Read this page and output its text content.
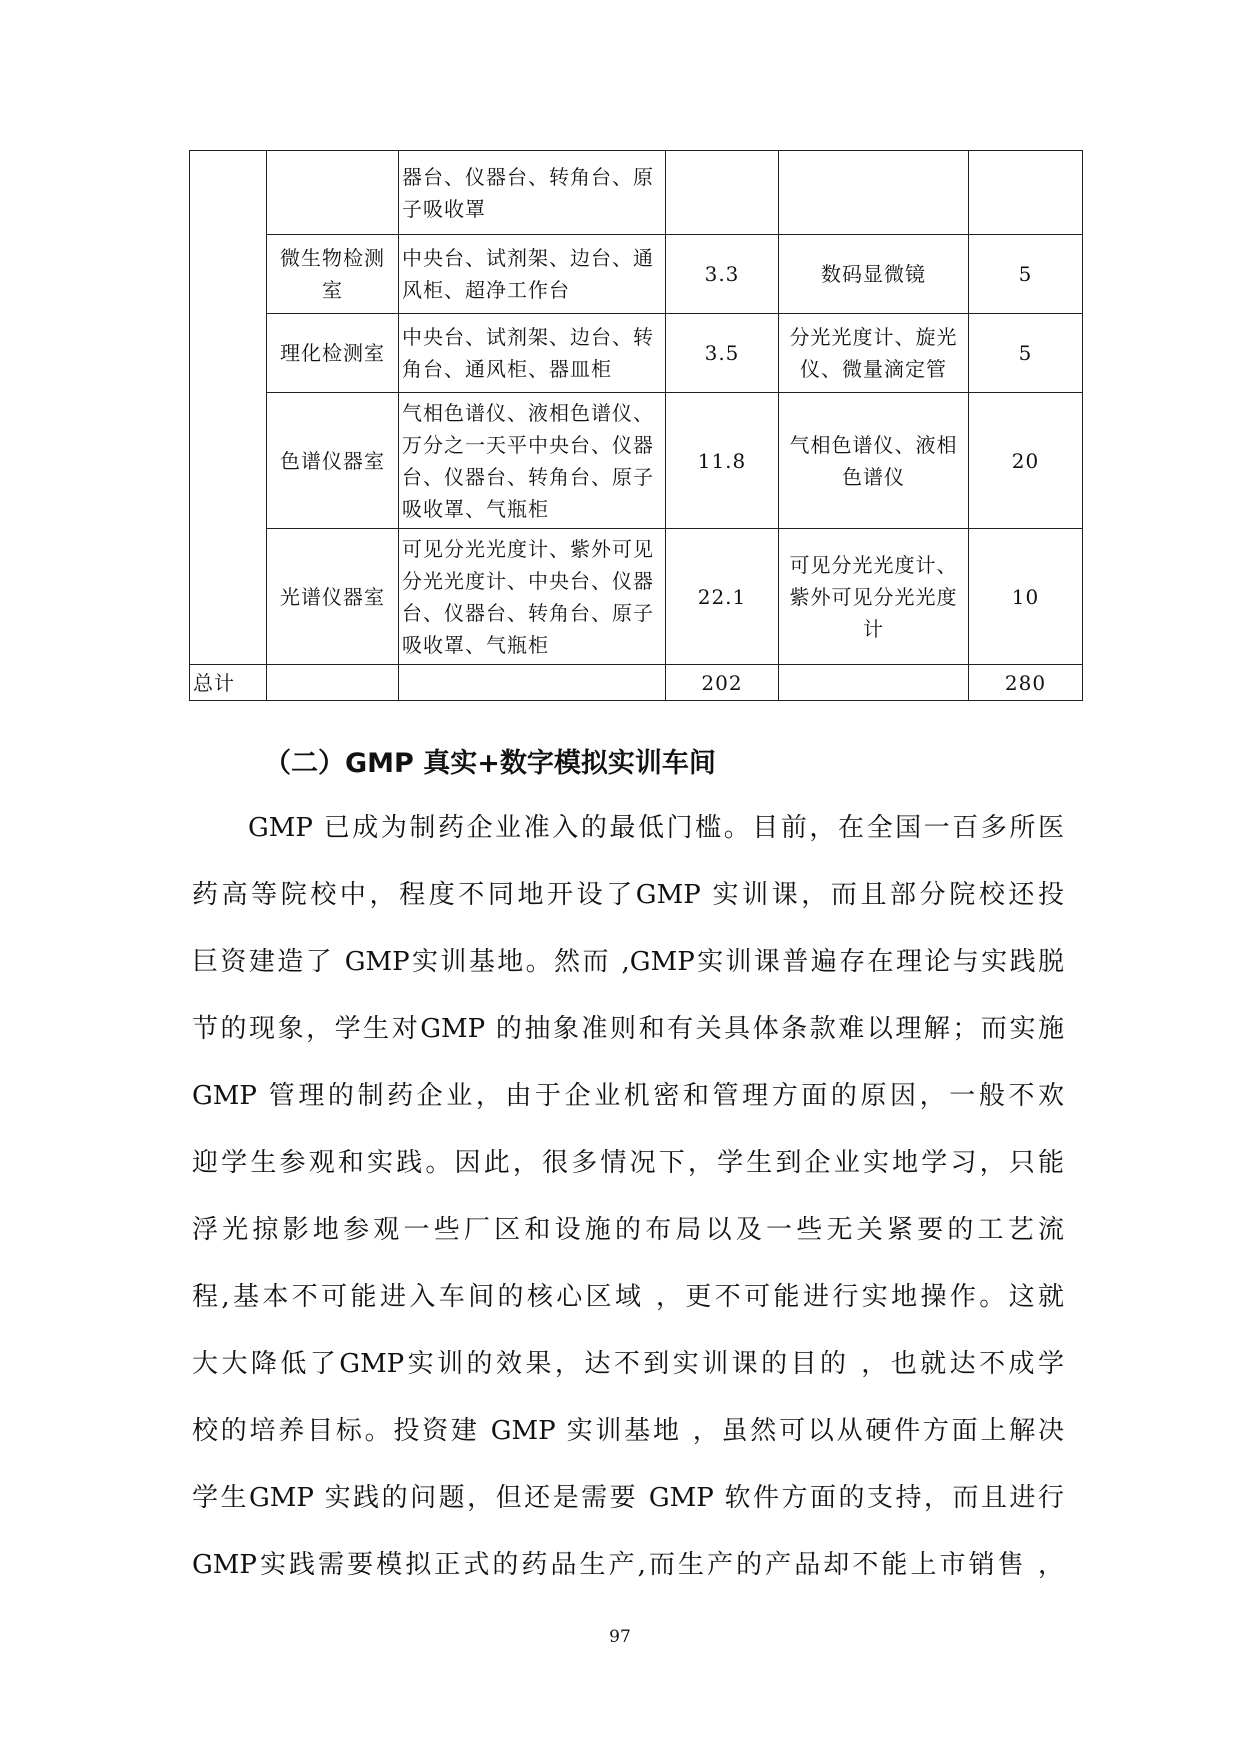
		器台、仪器台、转角台、原子吸收罩			
	微生物检测室	中央台、试剂架、边台、通风柜、超净工作台	3.3	数码显微镜	5
	理化检测室	中央台、试剂架、边台、转角台、通风柜、器皿柜	3.5	分光光度计、旋光仪、微量滴定管	5
	色谱仪器室	气相色谱仪、液相色谱仪、万分之一天平中央台、仪器台、仪器台、转角台、原子吸收罩、气瓶柜	11.8	气相色谱仪、液相色谱仪	20
	光谱仪器室	可见分光光度计、紫外可见分光光度计、中央台、仪器台、仪器台、转角台、原子吸收罩、气瓶柜	22.1	可见分光光度计、紫外可见分光光度计	10
总计			202		280
（二）GMP 真实+数字模拟实训车间
GMP 已成为制药企业准入的最低门槛。目前，在全国一百多所医
药高等院校中，程度不同地开设了GMP 实训课，而且部分院校还投
巨资建造了 GMP实训基地。然而 ,GMP实训课普遍存在理论与实践脱
节的现象，学生对GMP 的抽象准则和有关具体条款难以理解；而实施
GMP 管理的制药企业，由于企业机密和管理方面的原因，一般不欢
迎学生参观和实践。因此，很多情况下，学生到企业实地学习，只能
浮光掠影地参观一些厂区和设施的布局以及一些无关紧要的工艺流
程,基本不可能进入车间的核心区域 ，更不可能进行实地操作。这就
大大降低了GMP实训的效果，达不到实训课的目的 ，也就达不成学
校的培养目标。投资建 GMP 实训基地 ，虽然可以从硬件方面上解决
学生GMP 实践的问题，但还是需要 GMP 软件方面的支持，而且进行
GMP实践需要模拟正式的药品生产,而生产的产品却不能上市销售 ，
97
